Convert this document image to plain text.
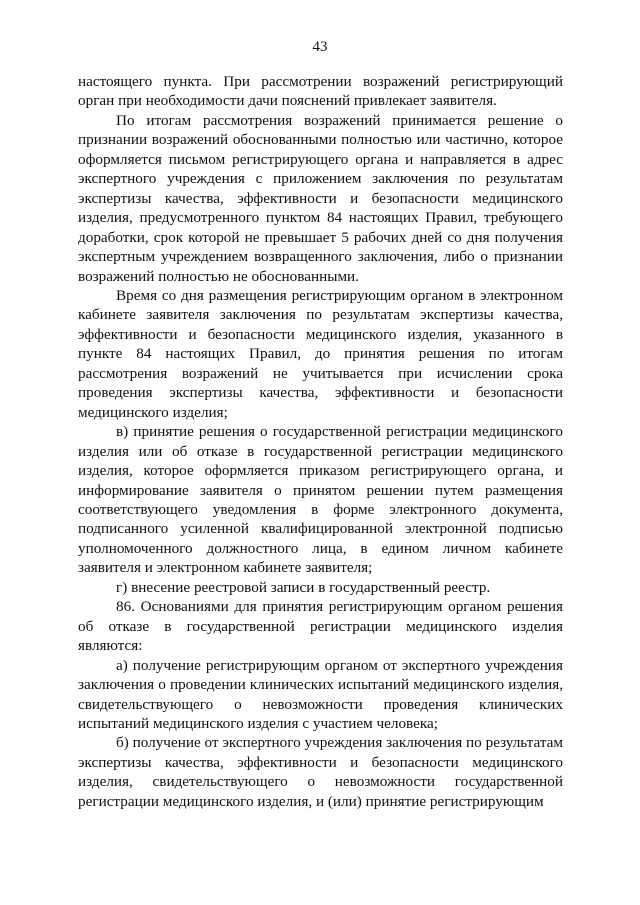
43

настоящего пункта. При рассмотрении возражений регистрирующий орган при необходимости дачи пояснений привлекает заявителя.

По итогам рассмотрения возражений принимается решение о признании возражений обоснованными полностью или частично, которое оформляется письмом регистрирующего органа и направляется в адрес экспертного учреждения с приложением заключения по результатам экспертизы качества, эффективности и безопасности медицинского изделия, предусмотренного пунктом 84 настоящих Правил, требующего доработки, срок которой не превышает 5 рабочих дней со дня получения экспертным учреждением возвращенного заключения, либо о признании возражений полностью не обоснованными.

Время со дня размещения регистрирующим органом в электронном кабинете заявителя заключения по результатам экспертизы качества, эффективности и безопасности медицинского изделия, указанного в пункте 84 настоящих Правил, до принятия решения по итогам рассмотрения возражений не учитывается при исчислении срока проведения экспертизы качества, эффективности и безопасности медицинского изделия;

в) принятие решения о государственной регистрации медицинского изделия или об отказе в государственной регистрации медицинского изделия, которое оформляется приказом регистрирующего органа, и информирование заявителя о принятом решении путем размещения соответствующего уведомления в форме электронного документа, подписанного усиленной квалифицированной электронной подписью уполномоченного должностного лица, в едином личном кабинете заявителя и электронном кабинете заявителя;

г) внесение реестровой записи в государственный реестр.

86. Основаниями для принятия регистрирующим органом решения об отказе в государственной регистрации медицинского изделия являются:

а) получение регистрирующим органом от экспертного учреждения заключения о проведении клинических испытаний медицинского изделия, свидетельствующего о невозможности проведения клинических испытаний медицинского изделия с участием человека;

б) получение от экспертного учреждения заключения по результатам экспертизы качества, эффективности и безопасности медицинского изделия, свидетельствующего о невозможности государственной регистрации медицинского изделия, и (или) принятие регистрирующим
